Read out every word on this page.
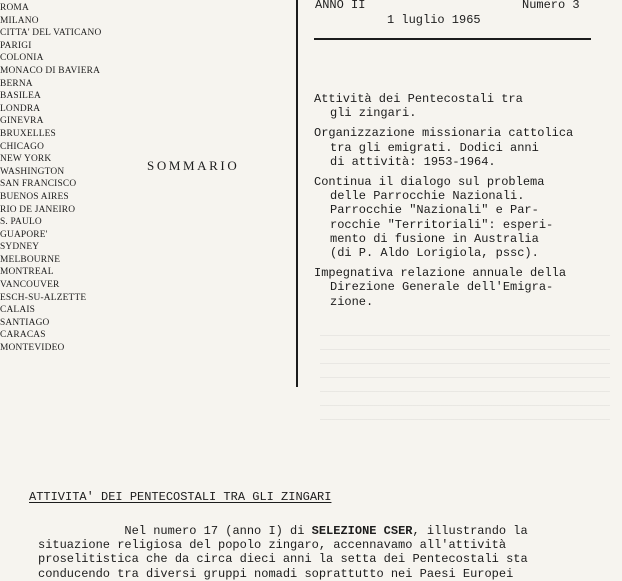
ROMA
MILANO
CITTA' DEL VATICANO
PARIGI
COLONIA
MONACO DI BAVIERA
BERNA
BASILEA
LONDRA
GINEVRA
BRUXELLES
CHICAGO
NEW YORK
WASHINGTON
SAN FRANCISCO
BUENOS AIRES
RIO DE JANEIRO
S. PAULO
GUAPORE'
SYDNEY
MELBOURNE
MONTREAL
VANCOUVER
ESCH-SU-ALZETTE
CALAIS
SANTIAGO
CARACAS
MONTEVIDEO
SOMMARIO
ANNO II	Numero 3
1 luglio 1965
Attività dei Pentecostali tra
gli zingari.
Organizzazione missionaria cattolica
tra gli emigrati. Dodici anni
di attività: 1953-1964.
Continua il dialogo sul problema
delle Parrocchie Nazionali.
Parrocchie "Nazionali" e Par-
rocchie "Territoriali": esperi-
mento di fusione in Australia
(di P. Aldo Lorigiola, pssc).
Impegnativa relazione annuale della
Direzione Generale dell'Emigra-
zione.
ATTIVITA' DEI PENTECOSTALI TRA GLI ZINGARI
Nel numero 17 (anno I) di SELEZIONE CSER, illustrando la
situazione religiosa del popolo zingaro, accennavamo all'attività
proselitistica che da circa dieci anni la setta dei Pentecostali sta
conducendo tra diversi gruppi nomadi soprattutto nei Paesi Europei
